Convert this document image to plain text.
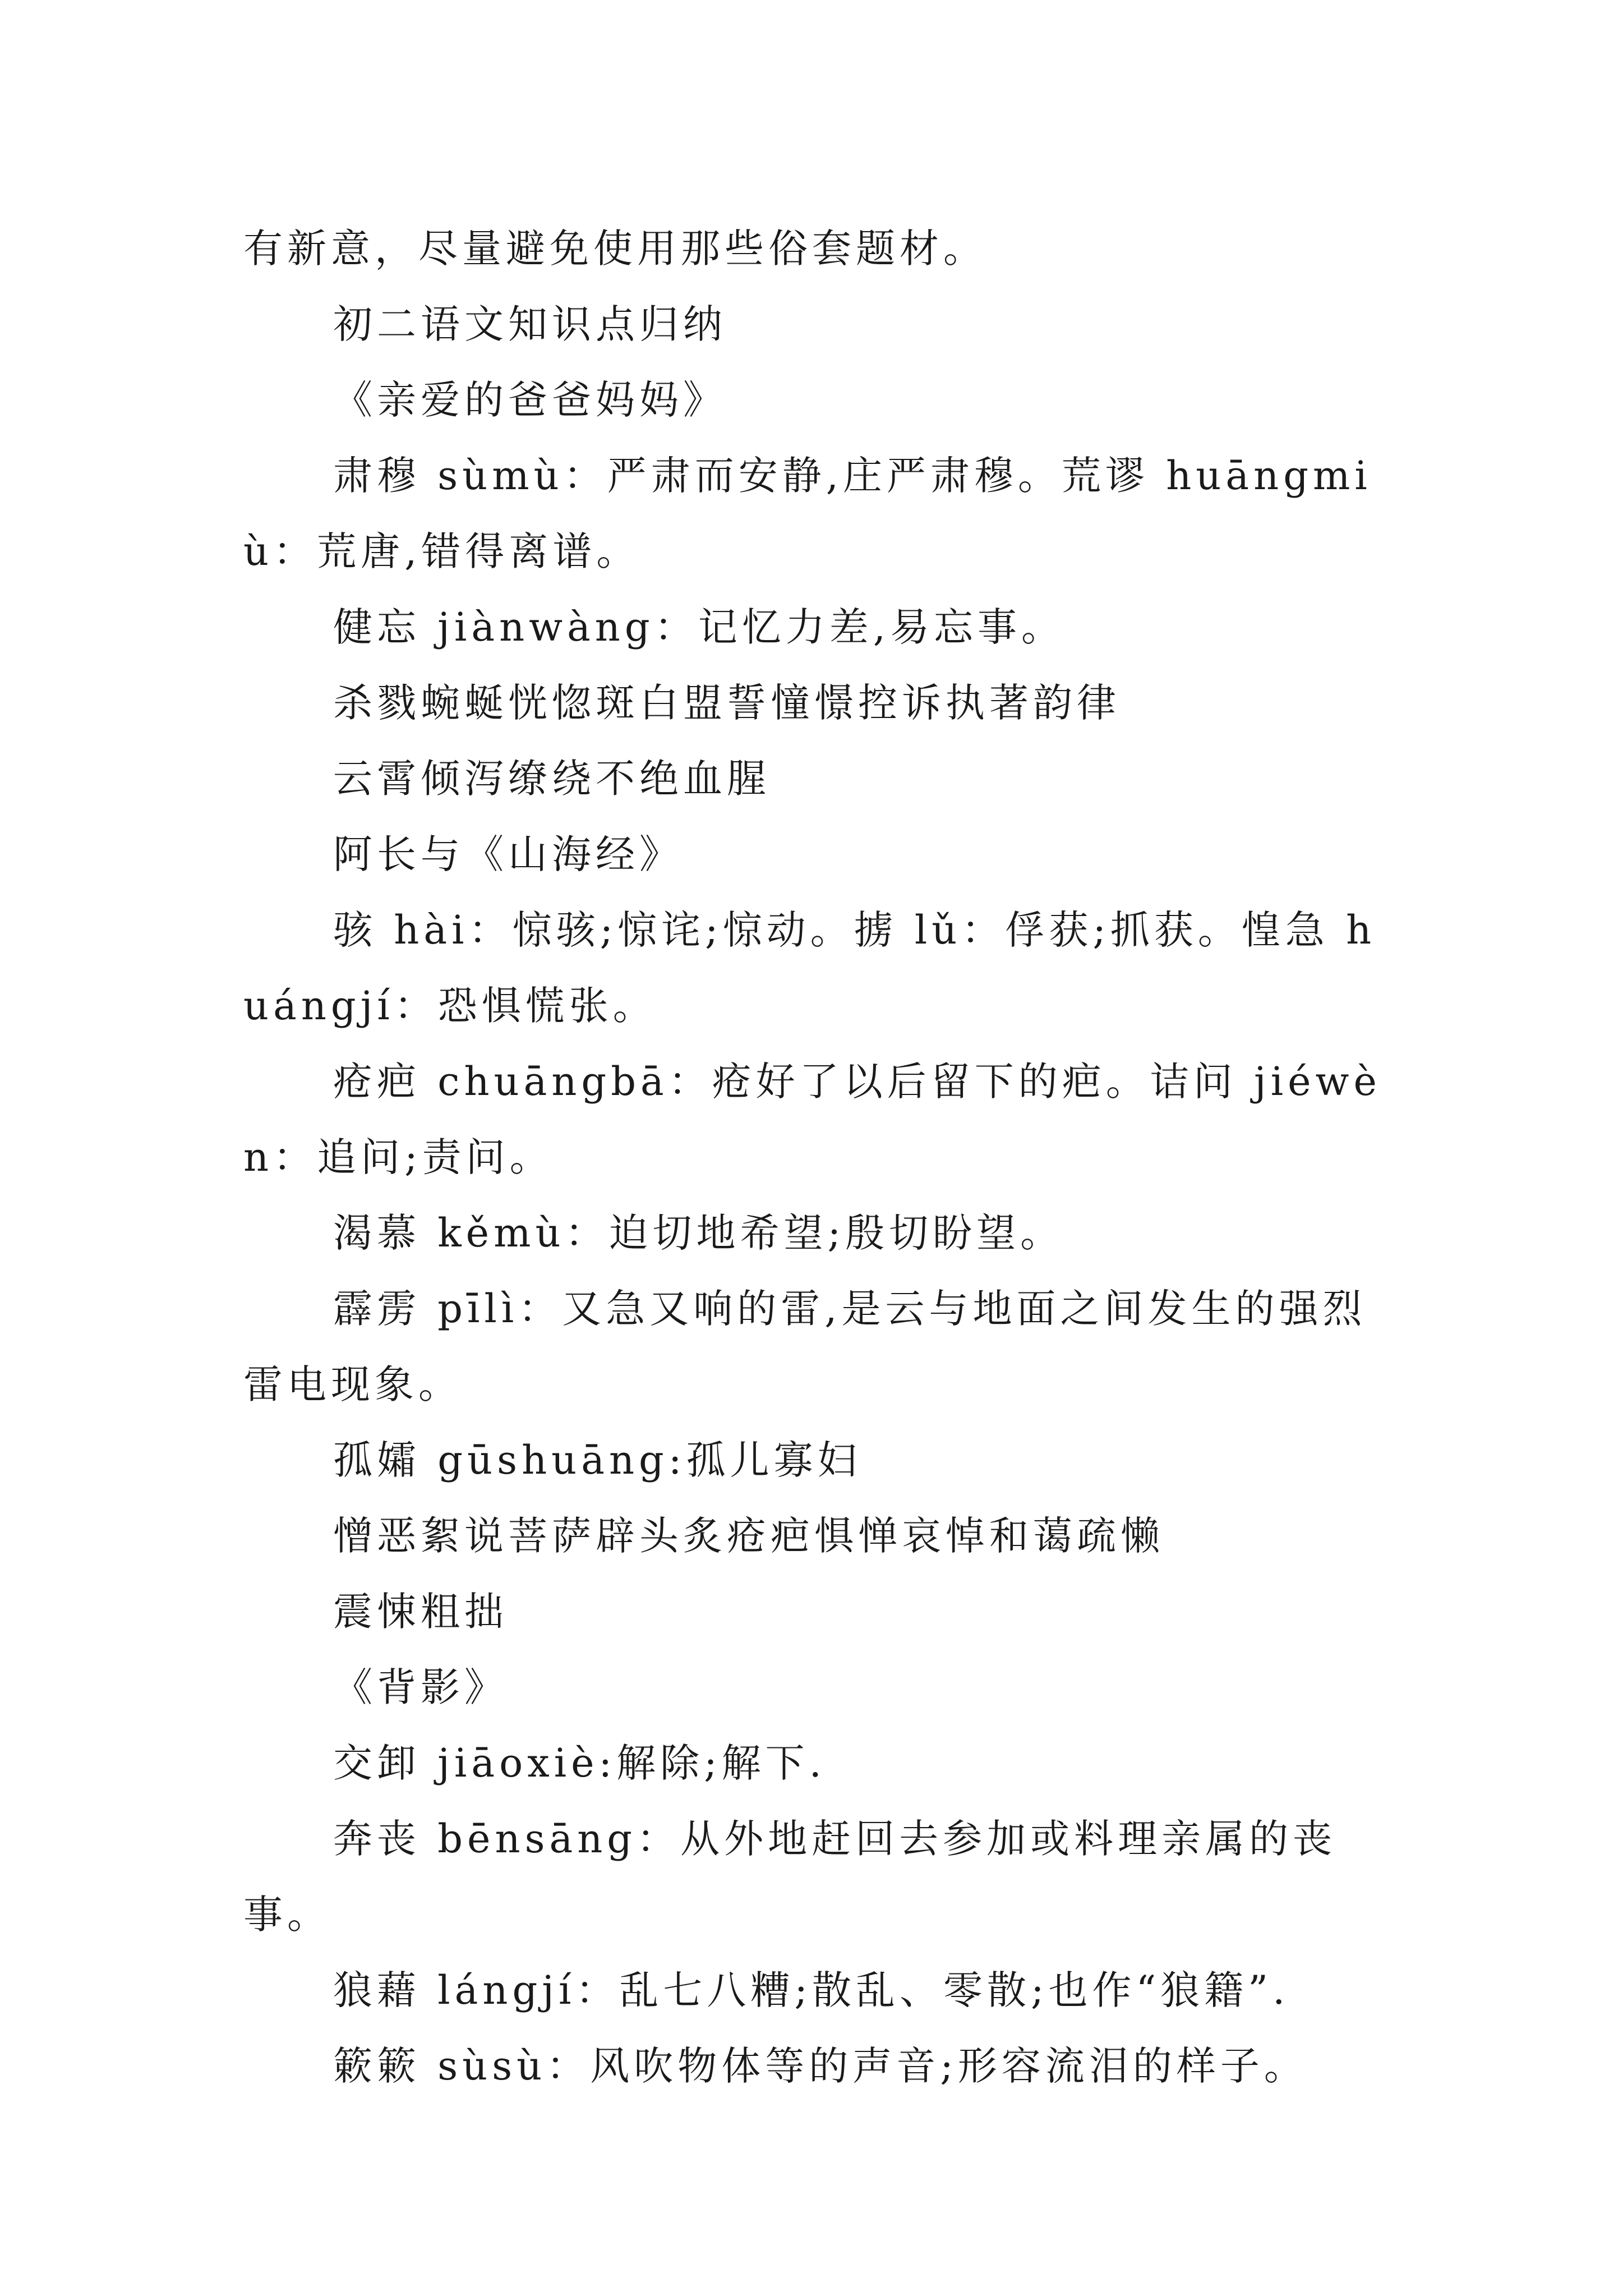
有新意，尽量避免使用那些俗套题材。

初二语文知识点归纳

《亲爱的爸爸妈妈》

肃穆 sùmù：严肃而安静,庄严肃穆。荒谬 huāngmiù：荒唐,错得离谱。

健忘 jiànwàng：记忆力差,易忘事。

杀戮蜿蜒恍惚斑白盟誓憧憬控诉执著韵律

云霄倾泻缭绕不绝血腥

阿长与《山海经》

骇 hài：惊骇;惊诧;惊动。掳 lǔ：俘获;抓获。惶急 huángjí：恐惧慌张。

疮疤 chuāngbā：疮好了以后留下的疤。诘问 jiéwèn：追问;责问。

渴慕 kěmù：迫切地希望;殷切盼望。

霹雳 pīlì：又急又响的雷,是云与地面之间发生的强烈雷电现象。

孤孀 gūshuāng:孤儿寡妇

憎恶絮说菩萨辟头炙疮疤惧惮哀悼和蔼疏懒

震悚粗拙

《背影》

交卸 jiāoxiè:解除;解下.

奔丧 bēnsāng：从外地赶回去参加或料理亲属的丧事。

狼藉 lángjí：乱七八糟;散乱、零散;也作“狼籍”.

簌簌 sùsù：风吹物体等的声音;形容流泪的样子。
